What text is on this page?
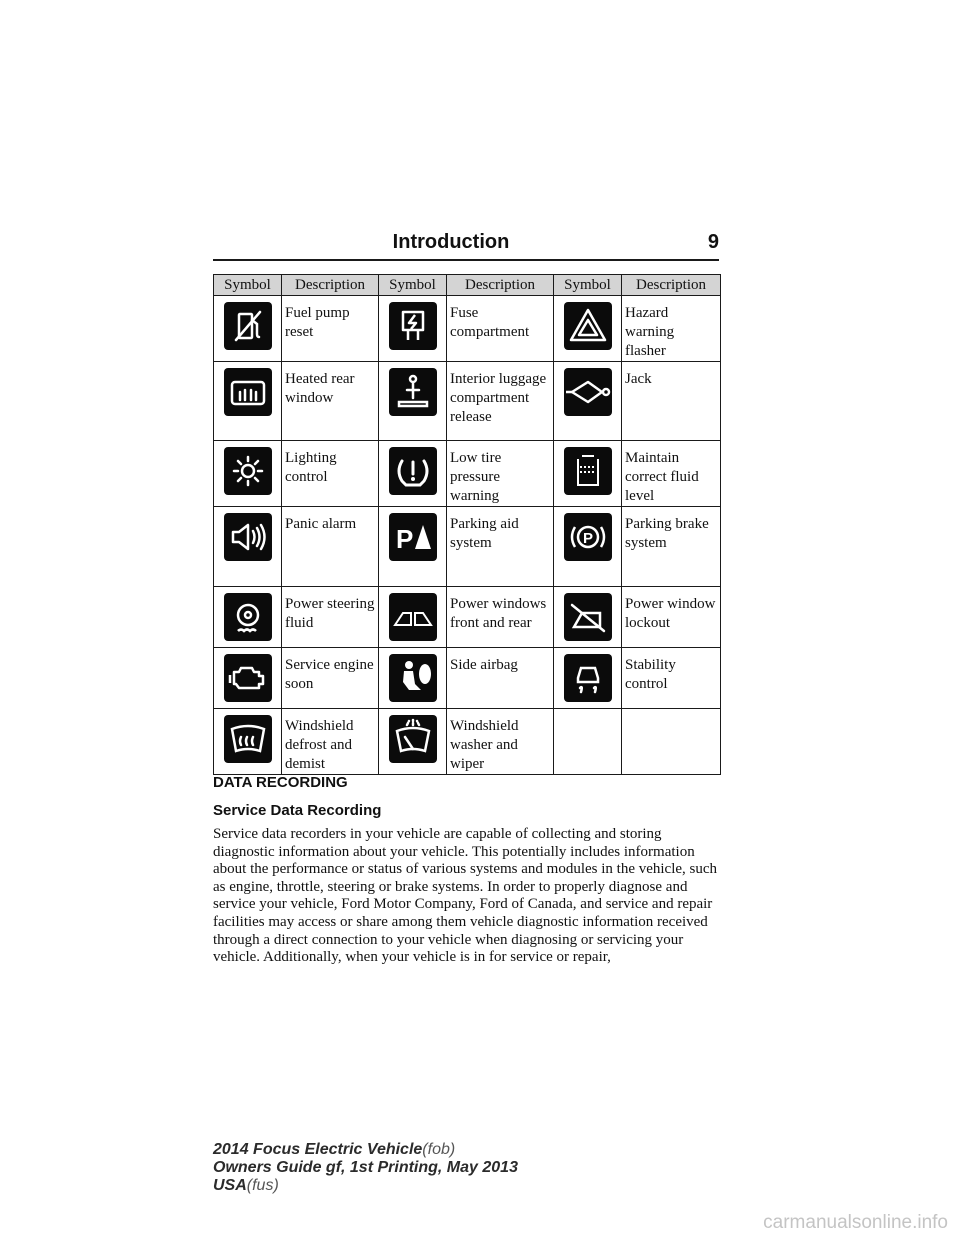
Introduction	9
Symbol	Description	Symbol	Description	Symbol	Description

	Fuel pump reset		Fuse compartment		Hazard warning flasher

	Heated rear window		Interior luggage compartment release		Jack

	Lighting control		Low tire pressure warning		Maintain correct fluid level

	Panic alarm	P	Parking aid system	P	Parking brake system

	Power steering fluid		Power windows front and rear		Power window lockout

	Service engine soon		Side airbag		Stability control

	Windshield defrost and demist		Windshield washer and wiper		
DATA RECORDING
Service Data Recording

Service data recorders in your vehicle are capable of collecting and storing diagnostic information about your vehicle. This potentially includes information about the performance or status of various systems and modules in the vehicle, such as engine, throttle, steering or brake systems. In order to properly diagnose and service your vehicle, Ford Motor Company, Ford of Canada, and service and repair facilities may access or share among them vehicle diagnostic information received through a direct connection to your vehicle when diagnosing or servicing your vehicle. Additionally, when your vehicle is in for service or repair,

2014 Focus Electric Vehicle(fob)
Owners Guide gf, 1st Printing, May 2013
USA(fus)
carmanualsonline.info
